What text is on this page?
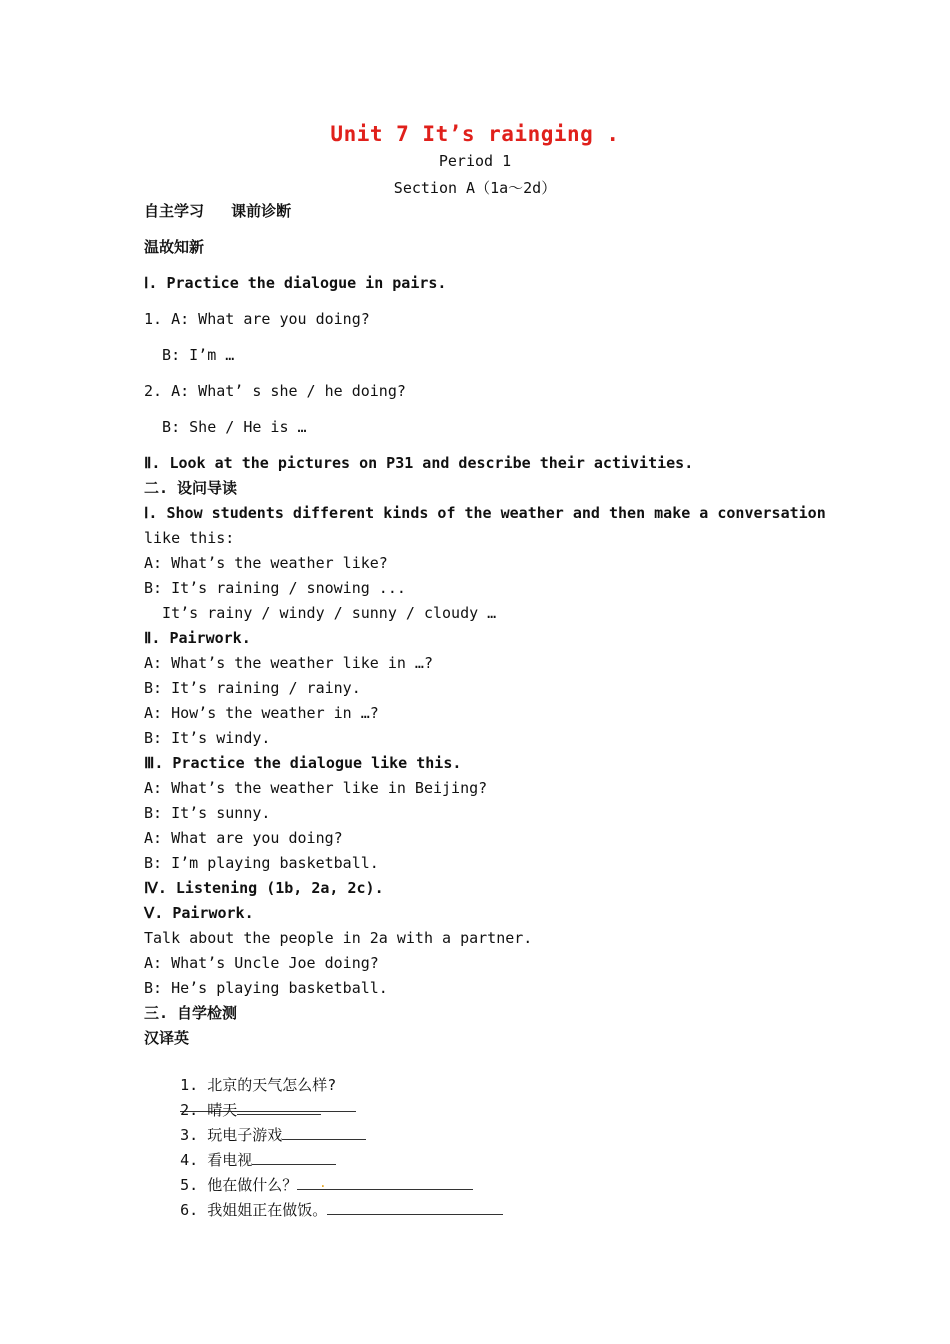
Unit 7 It’s rainging .
Period 1
Section A（1a～2d）
自主学习   课前诊断
温故知新
Ⅰ. Practice the dialogue in pairs.
1. A: What are you doing?
B: I’m …
2. A: What’ s she / he doing?
B: She / He is …
Ⅱ. Look at the pictures on P31 and describe their activities.
二. 设问导读
Ⅰ. Show students different kinds of the weather and then make a conversation
like this:
A: What’s the weather like?
B: It’s raining / snowing ...
It’s rainy / windy / sunny / cloudy …
Ⅱ. Pairwork.
A: What’s the weather like in …?
B: It’s raining / rainy.
A: How’s the weather in …?
B: It’s windy.
Ⅲ. Practice the dialogue like this.
A: What’s the weather like in Beijing?
B: It’s sunny.
A: What are you doing?
B: I’m playing basketball.
Ⅳ. Listening (1b, 2a, 2c).
Ⅴ. Pairwork.
Talk about the people in 2a with a partner.
A: What’s Uncle Joe doing?
B: He’s playing basketball.
三. 自学检测
汉译英

1. 北京的天气怎么样?

2. 晴天

3. 玩电子游戏

4. 看电视

5. 他在做什么？ .

6. 我姐姐正在做饭。
